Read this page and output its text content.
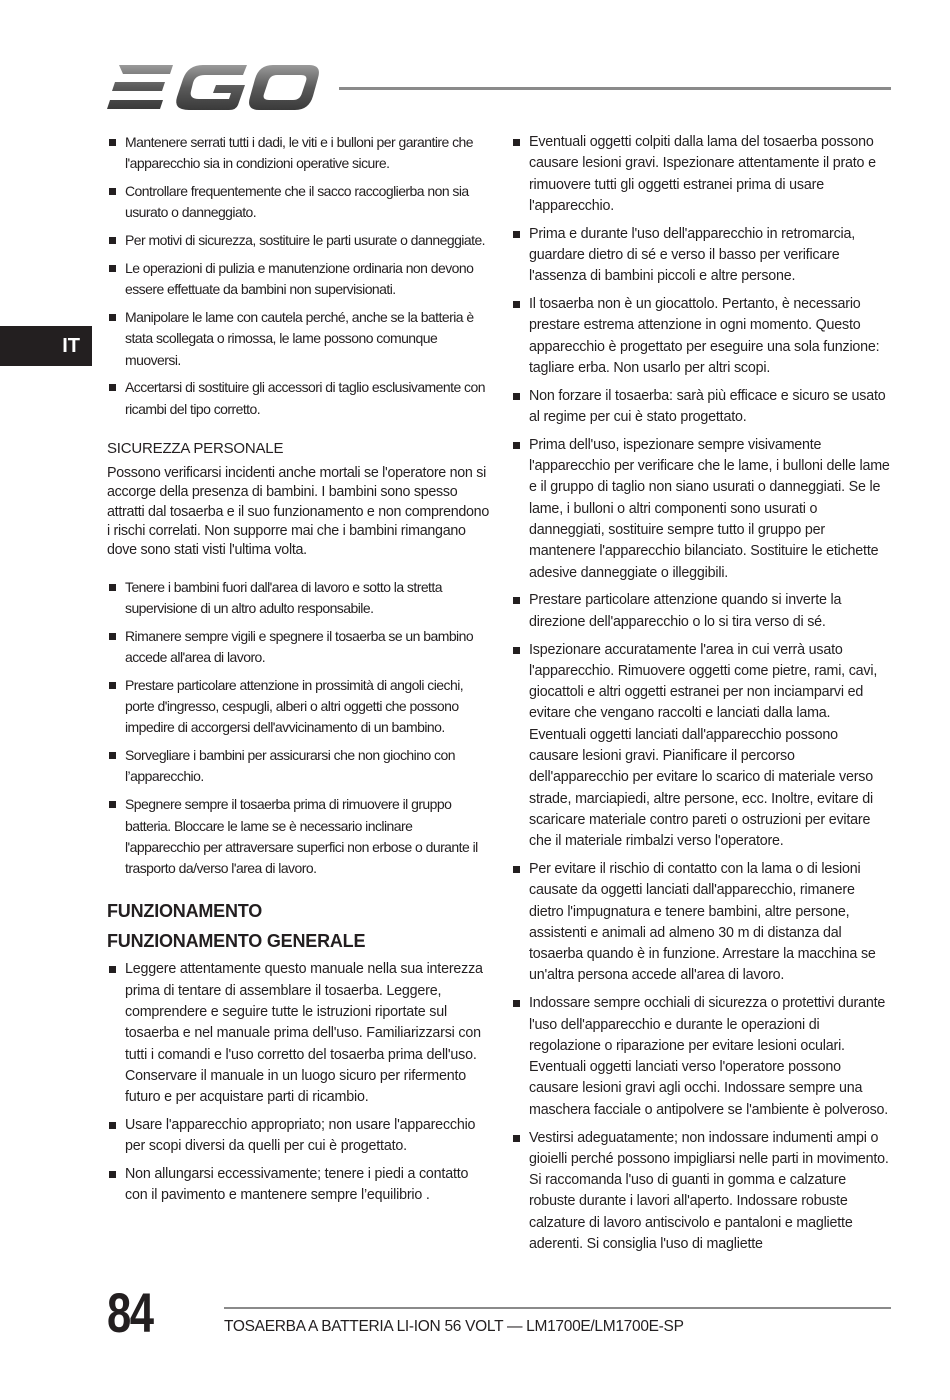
IT
Mantenere serrati tutti i dadi, le viti e i bulloni per garantire che l'apparecchio sia in condizioni operative sicure.
Controllare frequentemente che il sacco raccoglierba non sia usurato o danneggiato.
Per motivi di sicurezza, sostituire le parti usurate o danneggiate.
Le operazioni di pulizia e manutenzione ordinaria non devono essere effettuate da bambini non supervisionati.
Manipolare le lame con cautela perché, anche se la batteria è stata scollegata o rimossa, le lame possono comunque muoversi.
Accertarsi di sostituire gli accessori di taglio esclusivamente con ricambi del tipo corretto.
SICUREZZA PERSONALE

Possono verificarsi incidenti anche mortali se l'operatore non si accorge della presenza di bambini. I bambini sono spesso attratti dal tosaerba e il suo funzionamento e non comprendono i rischi correlati. Non supporre mai che i bambini rimangano dove sono stati visti l'ultima volta.

Tenere i bambini fuori dall'area di lavoro e sotto la stretta supervisione di un altro adulto responsabile.
Rimanere sempre vigili e spegnere il tosaerba se un bambino accede all'area di lavoro.
Prestare particolare attenzione in prossimità di angoli ciechi, porte d'ingresso, cespugli, alberi o altri oggetti che possono impedire di accorgersi dell'avvicinamento di un bambino.
Sorvegliare i bambini per assicurarsi che non giochino con l’apparecchio.
Spegnere sempre il tosaerba prima di rimuovere il gruppo batteria. Bloccare le lame se è necessario inclinare l'apparecchio per attraversare superfici non erbose o durante il trasporto da/verso l'area di lavoro.
FUNZIONAMENTO
FUNZIONAMENTO GENERALE
Leggere attentamente questo manuale nella sua interezza prima di tentare di assemblare il tosaerba. Leggere, comprendere e seguire tutte le istruzioni riportate sul tosaerba e nel manuale prima dell'uso. Familiarizzarsi con tutti i comandi e l'uso corretto del tosaerba prima dell'uso. Conservare il manuale in un luogo sicuro per rifermento futuro e per acquistare parti di ricambio.
Usare l'apparecchio appropriato; non usare l'apparecchio per scopi diversi da quelli per cui è progettato.
Non allungarsi eccessivamente; tenere i piedi a contatto con il pavimento e mantenere sempre l’equilibrio .
Eventuali oggetti colpiti dalla lama del tosaerba possono causare lesioni gravi. Ispezionare attentamente il prato e rimuovere tutti gli oggetti estranei prima di usare l'apparecchio.
Prima e durante l'uso dell'apparecchio in retromarcia, guardare dietro di sé e verso il basso per verificare l'assenza di bambini piccoli e altre persone.
Il tosaerba non è un giocattolo. Pertanto, è necessario prestare estrema attenzione in ogni momento. Questo apparecchio è progettato per eseguire una sola funzione: tagliare erba. Non usarlo per altri scopi.
Non forzare il tosaerba: sarà più efficace e sicuro se usato al regime per cui è stato progettato.
Prima dell'uso, ispezionare sempre visivamente l'apparecchio per verificare che le lame, i bulloni delle lame e il gruppo di taglio non siano usurati o danneggiati. Se le lame, i bulloni o altri componenti sono usurati o danneggiati, sostituire sempre tutto il gruppo per mantenere l'apparecchio bilanciato. Sostituire le etichette adesive danneggiate o illeggibili.
Prestare particolare attenzione quando si inverte la direzione dell'apparecchio o lo si tira verso di sé.
Ispezionare accuratamente l'area in cui verrà usato l'apparecchio. Rimuovere oggetti come pietre, rami, cavi, giocattoli e altri oggetti estranei per non inciamparvi ed evitare che vengano raccolti e lanciati dalla lama. Eventuali oggetti lanciati dall'apparecchio possono causare lesioni gravi. Pianificare il percorso dell'apparecchio per evitare lo scarico di materiale verso strade, marciapiedi, altre persone, ecc. Inoltre, evitare di scaricare materiale contro pareti o ostruzioni per evitare che il materiale rimbalzi verso l'operatore.
Per evitare il rischio di contatto con la lama o di lesioni causate da oggetti lanciati dall'apparecchio, rimanere dietro l'impugnatura e tenere bambini, altre persone, assistenti e animali ad almeno 30 m di distanza dal tosaerba quando è in funzione. Arrestare la macchina se un'altra persona accede all'area di lavoro.
Indossare sempre occhiali di sicurezza o protettivi durante l'uso dell'apparecchio e durante le operazioni di regolazione o riparazione per evitare lesioni oculari. Eventuali oggetti lanciati verso l'operatore possono causare lesioni gravi agli occhi. Indossare sempre una maschera facciale o antipolvere se l'ambiente è polveroso.
Vestirsi adeguatamente; non indossare indumenti ampi o gioielli perché possono impigliarsi nelle parti in movimento. Si raccomanda l'uso di guanti in gomma e calzature robuste durante i lavori all'aperto. Indossare robuste calzature di lavoro antiscivolo e pantaloni e magliette aderenti. Si consiglia l'uso di magliette
84	TOSAERBA A BATTERIA LI-ION 56 VOLT — LM1700E/LM1700E-SP
